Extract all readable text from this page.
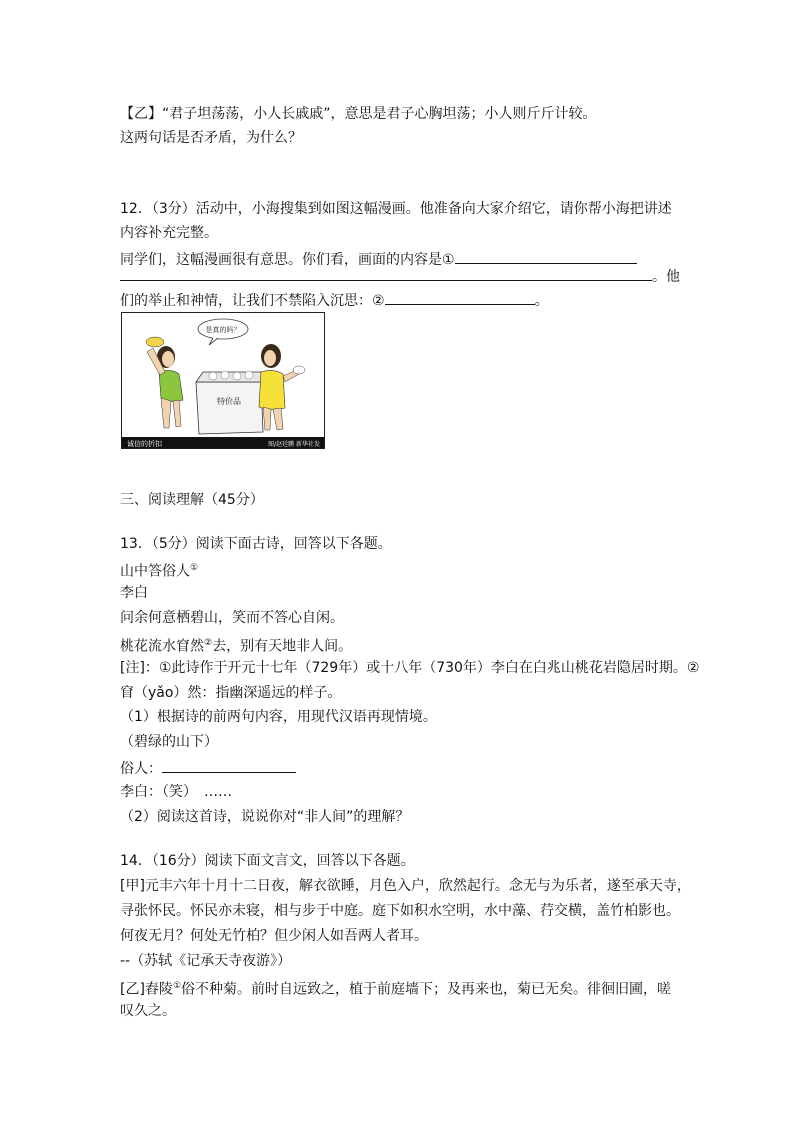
【乙】“君子坦荡荡，小人长戚戚”，意思是君子心胸坦荡；小人则斤斤计较。
这两句话是否矛盾，为什么？
12．（3分）活动中，小海搜集到如图这幅漫画。他准备向大家介绍它，请你帮小海把讲述
内容补充完整。
同学们，这幅漫画很有意思。你们看，画面的内容是①
。他
们的举止和神情，让我们不禁陷入沉思：②	。
是真的吗？
特价品
诚信的折扣	图/赵廷鹏 新华社发
三、阅读理解（45分）
13．（5分）阅读下面古诗，回答以下各题。
山中答俗人①
李白
问余何意栖碧山，笑而不答心自闲。
桃花流水窅然②去，别有天地非人间。
[注]：①此诗作于开元十七年（729年）或十八年（730年）李白在白兆山桃花岩隐居时期。②
窅（yǎo）然：指幽深遥远的样子。
（1）根据诗的前两句内容，用现代汉语再现情境。
（碧绿的山下）
俗人：
李白：（笑）　……
（2）阅读这首诗，说说你对“非人间”的理解？
14．（16分）阅读下面文言文，回答以下各题。
[甲]元丰六年十月十二日夜，解衣欲睡，月色入户，欣然起行。念无与为乐者，遂至承天寺，
寻张怀民。怀民亦未寝，相与步于中庭。庭下如积水空明，水中藻、荇交横，盖竹柏影也。
何夜无月？何处无竹柏？但少闲人如吾两人者耳。
--（苏轼《记承天寺夜游》）
[乙]舂陵①俗不种菊。前时自远致之，植于前庭墙下；及再来也，菊已无矣。徘徊旧圃，嗟
叹久之。
